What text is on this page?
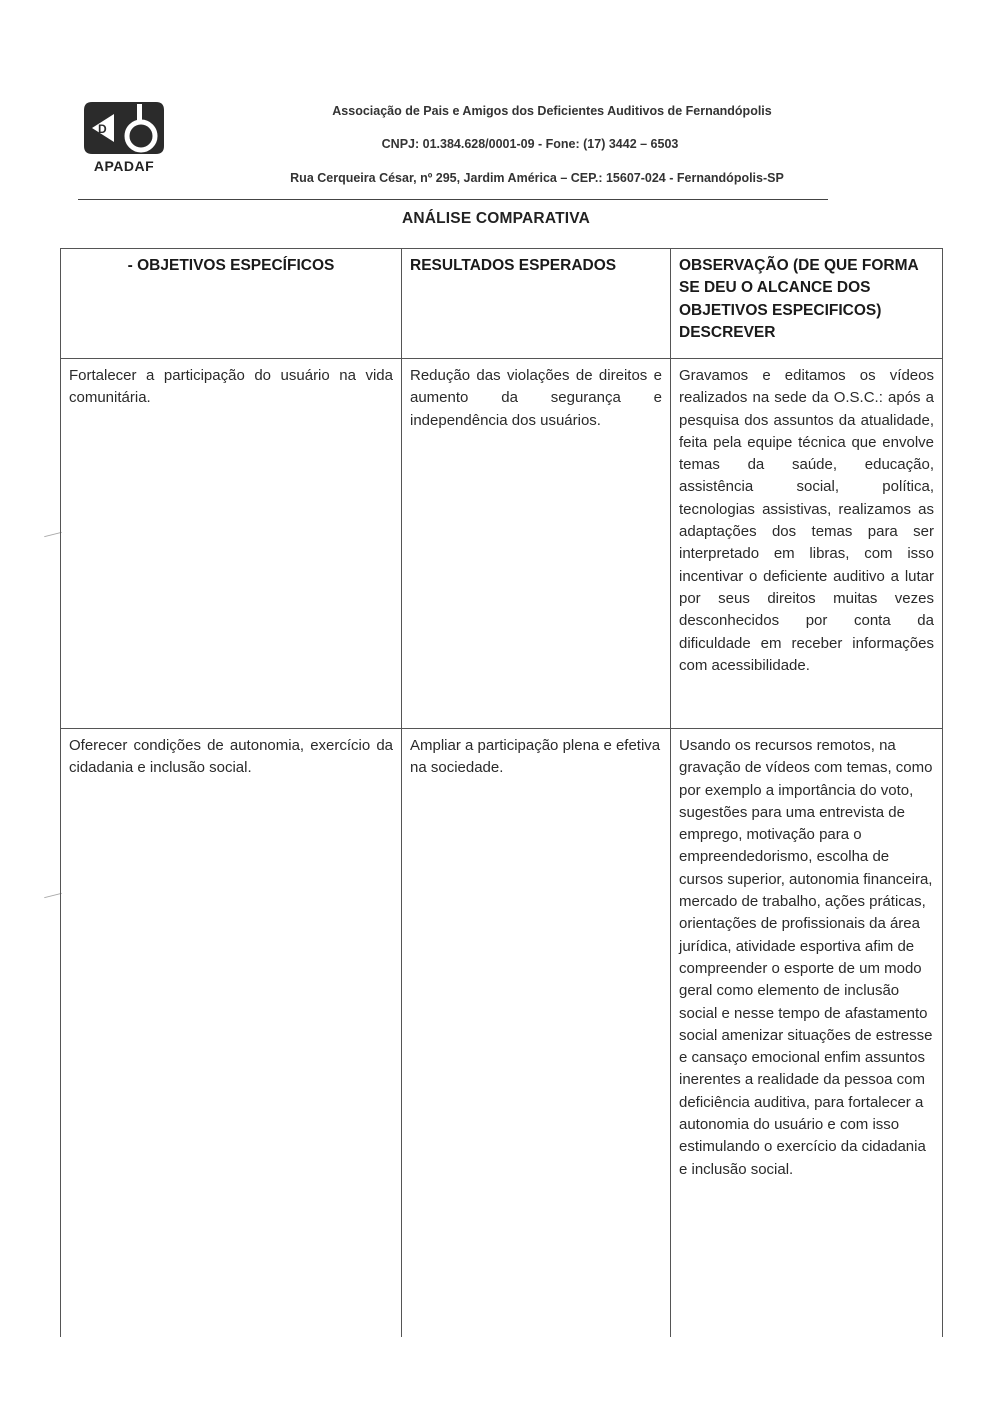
D
APADAF
Associação de Pais e Amigos dos Deficientes Auditivos de Fernandópolis
CNPJ: 01.384.628/0001-09 - Fone: (17) 3442 – 6503
Rua Cerqueira César, nº 295, Jardim América – CEP.: 15607-024 - Fernandópolis-SP
ANÁLISE COMPARATIVA
- OBJETIVOS ESPECÍFICOS	RESULTADOS ESPERADOS	OBSERVAÇÃO (DE QUE FORMA SE DEU O ALCANCE DOS OBJETIVOS ESPECIFICOS) DESCREVER
Fortalecer a participação do usuário na vida comunitária.	Redução das violações de direitos e aumento da segurança e independência dos usuários.	Gravamos e editamos os vídeos realizados na sede da O.S.C.: após a pesquisa dos assuntos da atualidade, feita pela equipe técnica que envolve temas da saúde, educação, assistência social, política, tecnologias assistivas, realizamos as adaptações dos temas para ser interpretado em libras, com isso incentivar o deficiente auditivo a lutar por seus direitos muitas vezes desconhecidos por conta da dificuldade em receber informações com acessibilidade.
Oferecer condições de autonomia, exercício da cidadania e inclusão social.	Ampliar a participação plena e efetiva na sociedade.	Usando os recursos remotos, na gravação de vídeos com temas, como por exemplo a importância do voto, sugestões para uma entrevista de emprego, motivação para o empreendedorismo, escolha de cursos superior, autonomia financeira, mercado de trabalho, ações práticas, orientações de profissionais da área jurídica, atividade esportiva afim de compreender o esporte de um modo geral como elemento de inclusão social e nesse tempo de afastamento social amenizar situações de estresse e cansaço emocional enfim assuntos inerentes a realidade da pessoa com deficiência auditiva, para fortalecer a autonomia do usuário e com isso estimulando o exercício da cidadania e inclusão social.
